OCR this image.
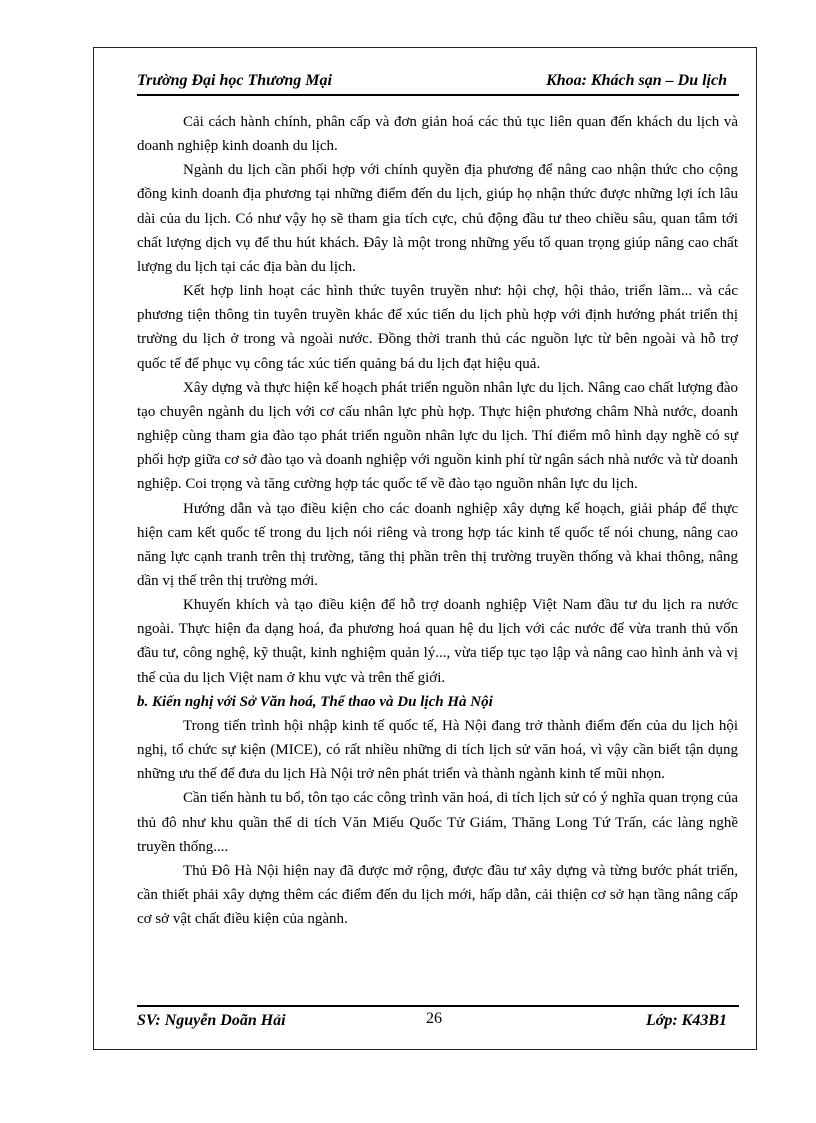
Trường Đại học Thương Mại	Khoa: Khách sạn – Du lịch

Cải cách hành chính, phân cấp và đơn giản hoá các thủ tục liên quan đến khách du lịch và doanh nghiệp kinh doanh du lịch.

Ngành du lịch cần phối hợp với chính quyền địa phương để nâng cao nhận thức cho cộng đồng kinh doanh địa phương tại những điểm đến du lịch, giúp họ nhận thức được những lợi ích lâu dài của du lịch. Có như vậy họ sẽ tham gia tích cực, chủ động đầu tư theo chiều sâu, quan tâm tới chất lượng dịch vụ để thu hút khách. Đây là một trong những yếu tố quan trọng giúp nâng cao chất lượng du lịch tại các địa bàn du lịch.

Kết hợp linh hoạt các hình thức tuyên truyền như: hội chợ, hội thảo, triển lãm... và các phương tiện thông tin tuyên truyền khác để xúc tiến du lịch phù hợp với định hướng phát triển thị trường du lịch ở trong và ngoài nước. Đồng thời tranh thủ các nguồn lực từ bên ngoài và hỗ trợ quốc tế để phục vụ công tác xúc tiến quảng bá du lịch đạt hiệu quả.

Xây dựng và thực hiện kế hoạch phát triển nguồn nhân lực du lịch. Nâng cao chất lượng đào tạo chuyên ngành du lịch với cơ cấu nhân lực phù hợp. Thực hiện phương châm Nhà nước, doanh nghiệp cùng tham gia đào tạo phát triển nguồn nhân lực du lịch. Thí điểm mô hình dạy nghề có sự phối hợp giữa cơ sở đào tạo và doanh nghiệp với nguồn kinh phí từ ngân sách nhà nước và từ doanh nghiệp. Coi trọng và tăng cường hợp tác quốc tế về đào tạo nguồn nhân lực du lịch.

Hướng dẫn và tạo điều kiện cho các doanh nghiệp xây dựng kế hoạch, giải pháp để thực hiện cam kết quốc tế trong du lịch nói riêng và trong hợp tác kinh tế quốc tế nói chung, nâng cao năng lực cạnh tranh trên thị trường, tăng thị phần trên thị trường truyền thống và khai thông, nâng dần vị thế trên thị trường mới.

Khuyến khích và tạo điều kiện để hỗ trợ doanh nghiệp Việt Nam đầu tư du lịch ra nước ngoài. Thực hiện đa dạng hoá, đa phương hoá quan hệ du lịch với các nước để vừa tranh thủ vốn đầu tư, công nghệ, kỹ thuật, kinh nghiệm quản lý..., vừa tiếp tục tạo lập và nâng cao hình ảnh và vị thế của du lịch Việt nam ở khu vực và trên thế giới.

b. Kiến nghị với Sở Văn hoá, Thể thao và Du lịch Hà Nội

Trong tiến trình hội nhập kinh tế quốc tế, Hà Nội đang trở thành điểm đến của du lịch hội nghị, tổ chức sự kiện (MICE), có rất nhiều những di tích lịch sử văn hoá, vì vậy cần biết tận dụng những ưu thế để đưa du lịch Hà Nội trở nên phát triển và thành ngành kinh tế mũi nhọn.

Cần tiến hành tu bổ, tôn tạo các công trình văn hoá, di tích lịch sử có ý nghĩa quan trọng của thủ đô như khu quần thể di tích Văn Miếu Quốc Tử Giám, Thăng Long Tứ Trấn, các làng nghề truyền thống....

Thủ Đô Hà Nội hiện nay đã được mở rộng, được đầu tư xây dựng và từng bước phát triển, cần thiết phải xây dựng thêm các điểm đến du lịch mới, hấp dẫn, cải thiện cơ sở hạn tầng nâng cấp cơ sở vật chất điều kiện của ngành.

SV: Nguyễn Doãn Hải	26	Lớp: K43B1
